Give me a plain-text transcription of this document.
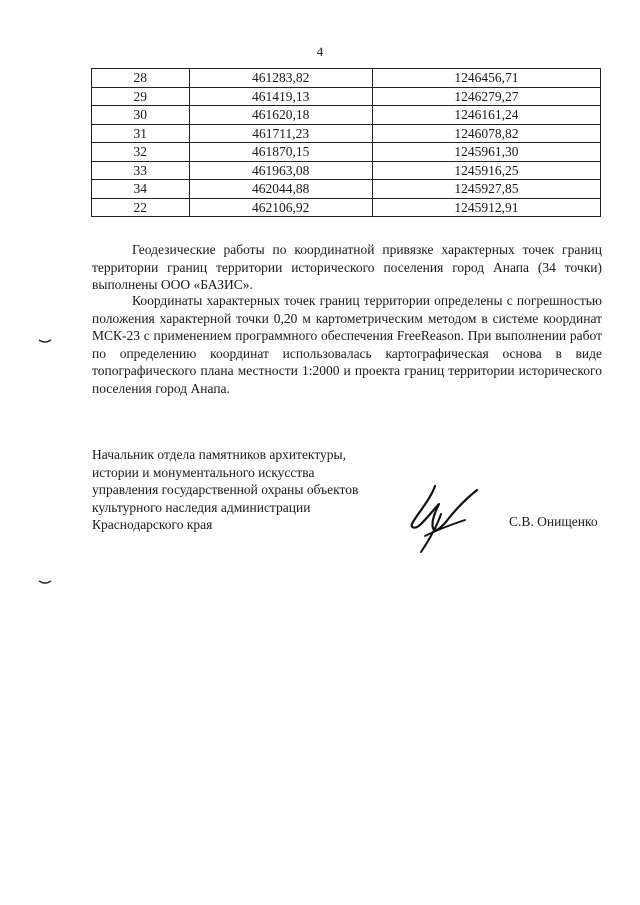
4
28	461283,82	1246456,71
29	461419,13	1246279,27
30	461620,18	1246161,24
31	461711,23	1246078,82
32	461870,15	1245961,30
33	461963,08	1245916,25
34	462044,88	1245927,85
22	462106,92	1245912,91

Геодезические работы по координатной привязке характерных точек границ территории границ территории исторического поселения город Анапа (34 точки) выполнены ООО «БАЗИС».

Координаты характерных точек границ территории определены с погрешностью положения характерной точки 0,20 м картометрическим методом в системе координат МСК-23 с применением программного обеспечения FreeReason. При выполнении работ по определению координат использовалась картографическая основа в виде топографического плана местности 1:2000 и проекта границ территории исторического поселения город Анапа.

Начальник отдела памятников архитектуры,
истории и монументального искусства
управления государственной охраны объектов
культурного наследия администрации
Краснодарского края	С.В. Онищенко
